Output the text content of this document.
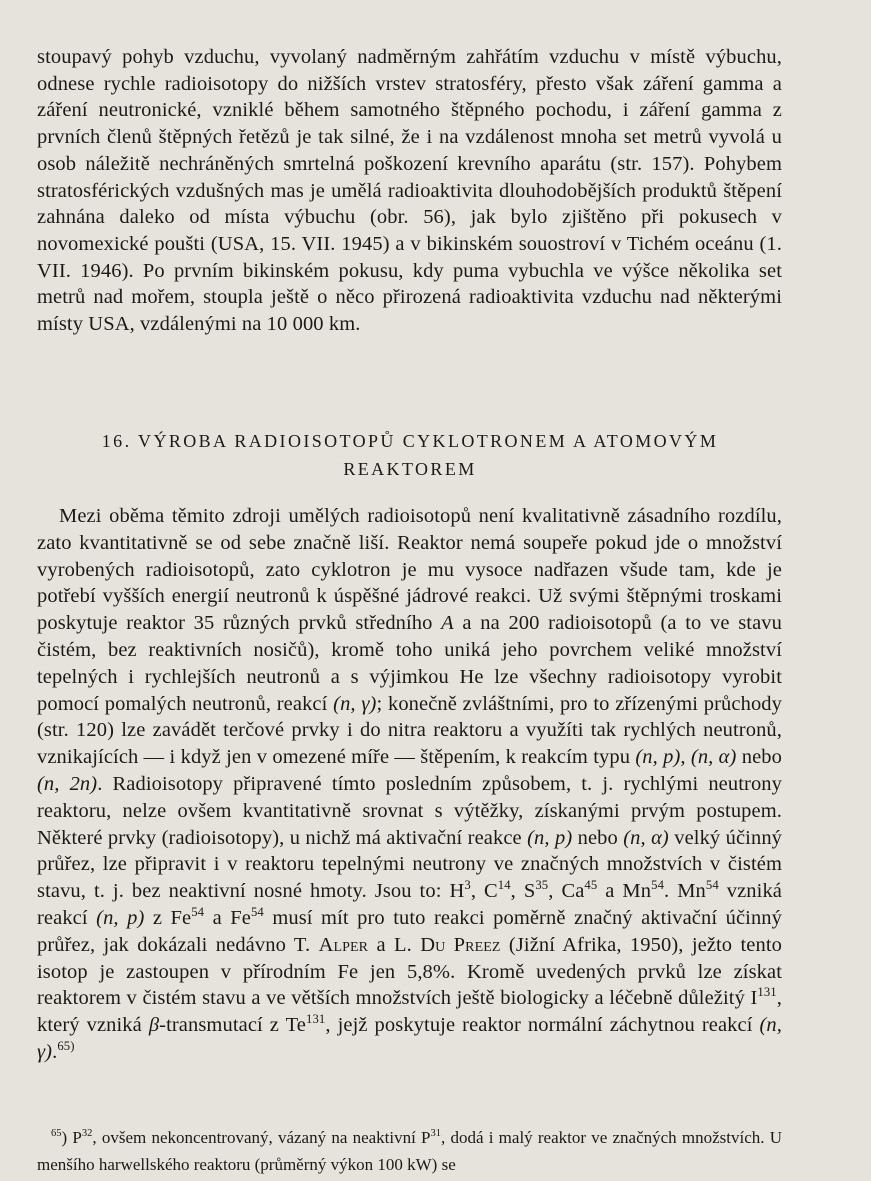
stoupavý pohyb vzduchu, vyvolaný nadměrným zahřátím vzduchu v místě výbuchu, odnese rychle radioisotopy do nižších vrstev stratosféry, přesto však záření gamma a záření neutronické, vzniklé během samotného štěpného pochodu, i záření gamma z prvních členů štěpných řetězů je tak silné, že i na vzdálenost mnoha set metrů vyvolá u osob náležitě nechráněných smrtelná poškození krevního aparátu (str. 157). Pohybem stratosférických vzdušných mas je umělá radioaktivita dlouhodobějších produktů štěpení zahnána daleko od místa výbuchu (obr. 56), jak bylo zjištěno při pokusech v novomexické poušti (USA, 15. VII. 1945) a v bikinském souostroví v Tichém oceánu (1. VII. 1946). Po prvním bikinském pokusu, kdy puma vybuchla ve výšce několika set metrů nad mořem, stoupla ještě o něco přirozená radioaktivita vzduchu nad některými místy USA, vzdálenými na 10 000 km.

16. VÝROBA RADIOISOTOPŮ CYKLOTRONEM A ATOMOVÝM
REAKTOREM

Mezi oběma těmito zdroji umělých radioisotopů není kvalitativně zásadního rozdílu, zato kvantitativně se od sebe značně liší. Reaktor nemá soupeře pokud jde o množství vyrobených radioisotopů, zato cyklotron je mu vysoce nadřazen všude tam, kde je potřebí vyšších energií neutronů k úspěšné jádrové reakci. Už svými štěpnými troskami poskytuje reaktor 35 různých prvků středního A a na 200 radioisotopů (a to ve stavu čistém, bez reaktivních nosičů), kromě toho uniká jeho povrchem veliké množství tepelných i rychlejších neutronů a s výjimkou He lze všechny radioisotopy vyrobit pomocí pomalých neutronů, reakcí (n, γ); konečně zvláštními, pro to zřízenými průchody (str. 120) lze zavádět terčové prvky i do nitra reaktoru a využíti tak rychlých neutronů, vznikajících — i když jen v omezené míře — štěpením, k reakcím typu (n, p), (n, α) nebo (n, 2n). Radioisotopy připravené tímto posledním způsobem, t. j. rychlými neutrony reaktoru, nelze ovšem kvantitativně srovnat s výtěžky, získanými prvým postupem. Některé prvky (radioisotopy), u nichž má aktivační reakce (n, p) nebo (n, α) velký účinný průřez, lze připravit i v reaktoru tepelnými neutrony ve značných množstvích v čistém stavu, t. j. bez neaktivní nosné hmoty. Jsou to: $H^3$, $C^{14}$, $S^{35}$, Ca$^{45}$ a Mn$^{54}$. Mn$^{54}$ vzniká reakcí (n, p) z Fe$^{54}$ a Fe$^{54}$ musí mít pro tuto reakci poměrně značný aktivační účinný průřez, jak dokázali nedávno T. Alper a L. Du Preez (Jižní Afrika, 1950), ježto tento isotop je zastoupen v přírodním Fe jen 5,8%. Kromě uvedených prvků lze získat reaktorem v čistém stavu a ve větších množstvích ještě biologicky a léčebně důležitý $I^{131}$, který vzniká β-transmutací z Te$^{131}$, jejž poskytuje reaktor normální záchytnou reakcí (n, γ).$^{65)}$

$^{65}$) $P^{32}$, ovšem nekoncentrovaný, vázaný na neaktivní $P^{31}$, dodá i malý reaktor ve značných množstvích. U menšího harwellského reaktoru (průměrný výkon 100 kW) se
